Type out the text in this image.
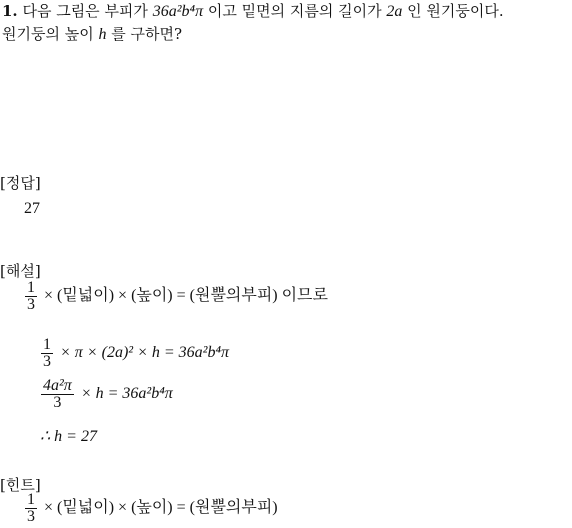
1. 다음 그림은 부피가 36a²b⁴π 이고 밑면의 지름의 길이가 2a 인 원기둥이다.
원기둥의 높이 h 를 구하면?
[정답]
27
[해설]
$\frac{1}{3}$ × (밑넓이) × (높이) = (원뿔의부피) 이므로
$\frac{1}{3} \times \pi \times (2a)^2 \times h = 36a^2b^4\pi$
$\frac{\text{4a²π}}{3} \times h = 36a^2b^4\pi$
∴ h = 27
[힌트]
$\frac{1}{3}$ × (밑넓이) × (높이) = (원뿔의부피)
